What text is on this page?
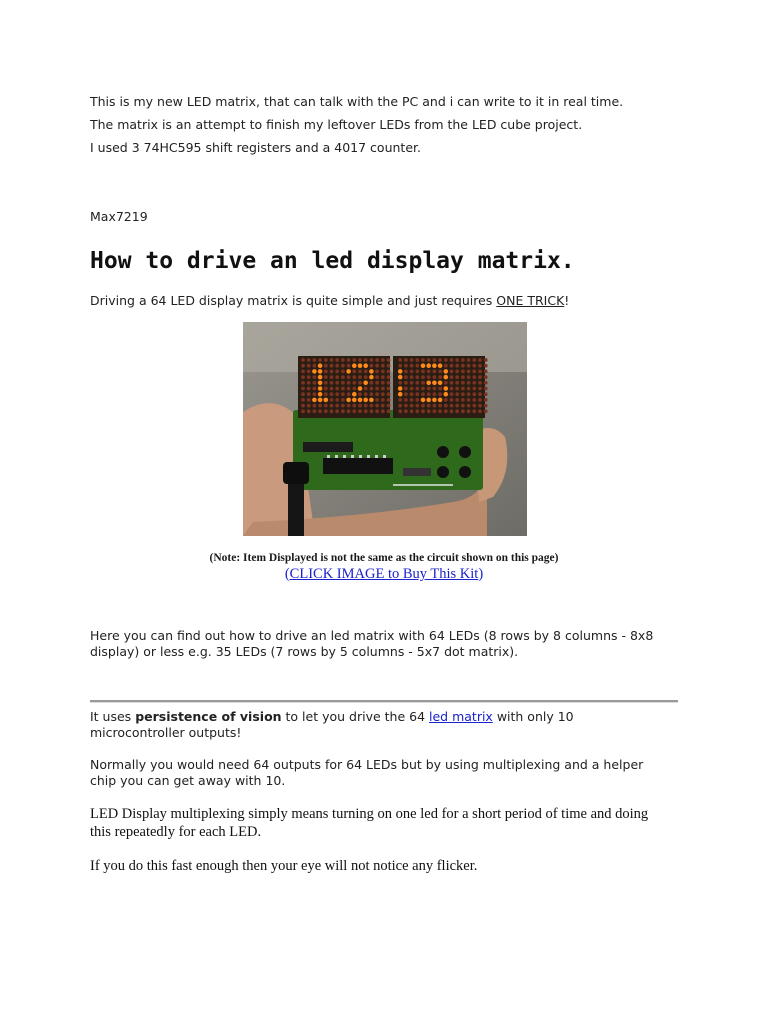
This is my new LED matrix, that can talk with the PC and i can write to it in real time.
The matrix is an attempt to finish my leftover LEDs from the LED cube project.
I used 3 74HC595 shift registers and a 4017 counter.
Max7219
How to drive an led display matrix.
Driving a 64 LED display matrix is quite simple and just requires ONE TRICK!
(Note: Item Displayed is not the same as the circuit shown on this page)
(CLICK IMAGE to Buy This Kit)
Here you can find out how to drive an led matrix with 64 LEDs (8 rows by 8 columns - 8x8
display) or less e.g. 35 LEDs (7 rows by 5 columns - 5x7 dot matrix).
It uses persistence of vision to let you drive the 64 led matrix with only 10
microcontroller outputs!
Normally you would need 64 outputs for 64 LEDs but by using multiplexing and a helper
chip you can get away with 10.
LED Display multiplexing simply means turning on one led for a short period of time and doing
this repeatedly for each LED.
If you do this fast enough then your eye will not notice any flicker.
